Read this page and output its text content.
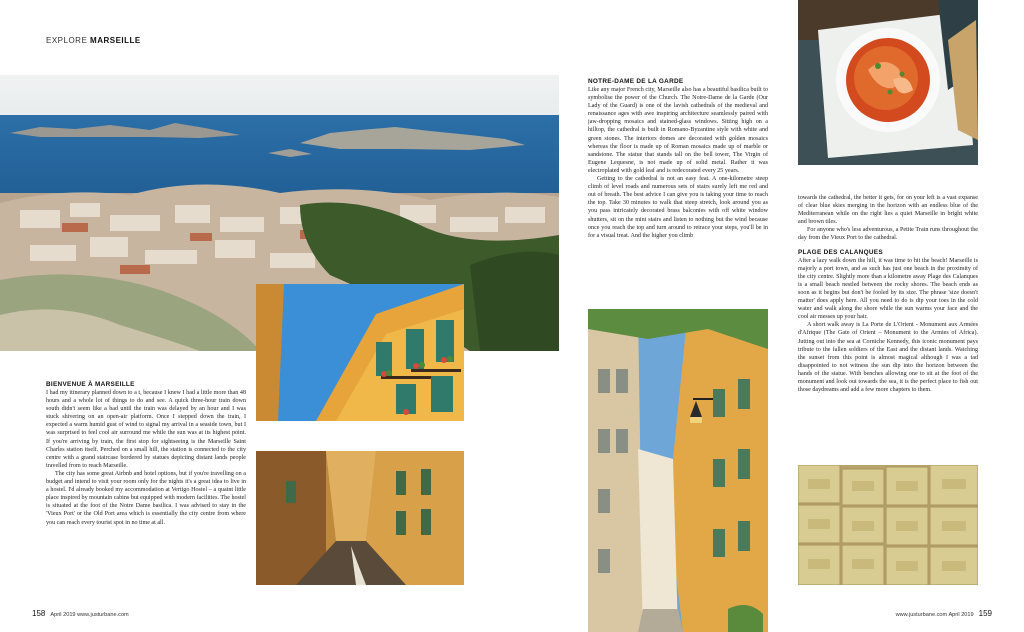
EXPLORE MARSEILLE
BIENVENUE À MARSEILLE

I had my itinerary planned down to a t, because I knew I had a little more than 48 hours and a whole lot of things to do and see. A quick three-hour train down south didn't seem like a bad until the train was delayed by an hour and I was stuck shivering on an open-air platform. Once I stepped down the train, I expected a warm humid gust of wind to signal my arrival in a seaside town, but I was surprised to feel cool air surround me while the sun was at its highest point. If you're arriving by train, the first stop for sightseeing is the Marseille Saint Charles station itself. Perched on a small hill, the station is connected to the city centre with a grand staircase bordered by statues depicting distant lands people travelled from to reach Marseille.

The city has some great Airbnb and hotel options, but if you're travelling on a budget and intend to visit your room only for the nights it's a great idea to live in a hostel. I'd already booked my accommodation at Vertigo Hostel – a quaint little place inspired by mountain cabins but equipped with modern facilities. The hostel is situated at the foot of the Notre Dame basilica. I was advised to stay in the 'Vieux Port' or the Old Port area which is essentially the city centre from where you can reach every tourist spot in no time at all.

NOTRE-DAME DE LA GARDE

Like any major French city, Marseille also has a beautiful basilica built to symbolise the power of the Church. The Notre-Dame de la Garde (Our Lady of the Guard) is one of the lavish cathedrals of the medieval and renaissance ages with awe inspiring architecture seamlessly paired with jaw-dropping mosaics and stained-glass windows. Sitting high on a hilltop, the cathedral is built in Romano-Byzantine style with white and green stones. The interiors domes are decorated with golden mosaics whereas the floor is made up of Roman mosaics made up of marble or sandstone. The statue that stands tall on the bell tower, The Virgin of Eugene Lequesne, is not made up of solid metal. Rather it was electroplated with gold leaf and is redecorated every 25 years.

Getting to the cathedral is not an easy feat. A one-kilometre steep climb of level roads and numerous sets of stairs surely left me red and out of breath. The best advice I can give you is taking your time to reach the top. Take 30 minutes to walk that steep stretch, look around you as you pass intricately decorated brass balconies with off white window shutters, sit on the mini stairs and listen to nothing but the wind because once you reach the top and turn around to retrace your steps, you'll be in for a visual treat. And the higher you climb

towards the cathedral, the better it gets, for on your left is a vast expanse of clear blue skies merging in the horizon with an endless blue of the Mediterranean while on the right lies a quiet Marseille in bright white and brown tiles.

For anyone who's less adventurous, a Petite Train runs throughout the day from the Vieux Port to the cathedral.

PLAGE DES CALANQUES

After a lazy walk down the hill, it was time to hit the beach! Marseille is majorly a port town, and as such has just one beach in the proximity of the city centre. Slightly more than a kilometre away Plage des Calanques is a small beach nestled between the rocky shores. The beach ends as soon as it begins but don't be fooled by its size. The phrase 'size doesn't matter' does apply here. All you need to do is dip your toes in the cold water and walk along the shore while the sun warms your face and the cool air messes up your hair.

A short walk away is La Porte de L'Orient - Monument aux Armées d'Afrique (The Gate of Orient – Monument to the Armies of Africa). Jutting out into the sea at Corniche Kennedy, this iconic monument pays tribute to the fallen soldiers of the East and the distant lands. Watching the sunset from this point is almost magical although I was a tad disappointed to not witness the sun dip into the horizon between the hands of the statue. With benches allowing one to sit at the foot of the monument and look out towards the sea, it is the perfect place to fish out those daydreams and add a few more chapters to them.

158 April 2019 www.justurbane.com	www.justurbane.com April 2019 159
